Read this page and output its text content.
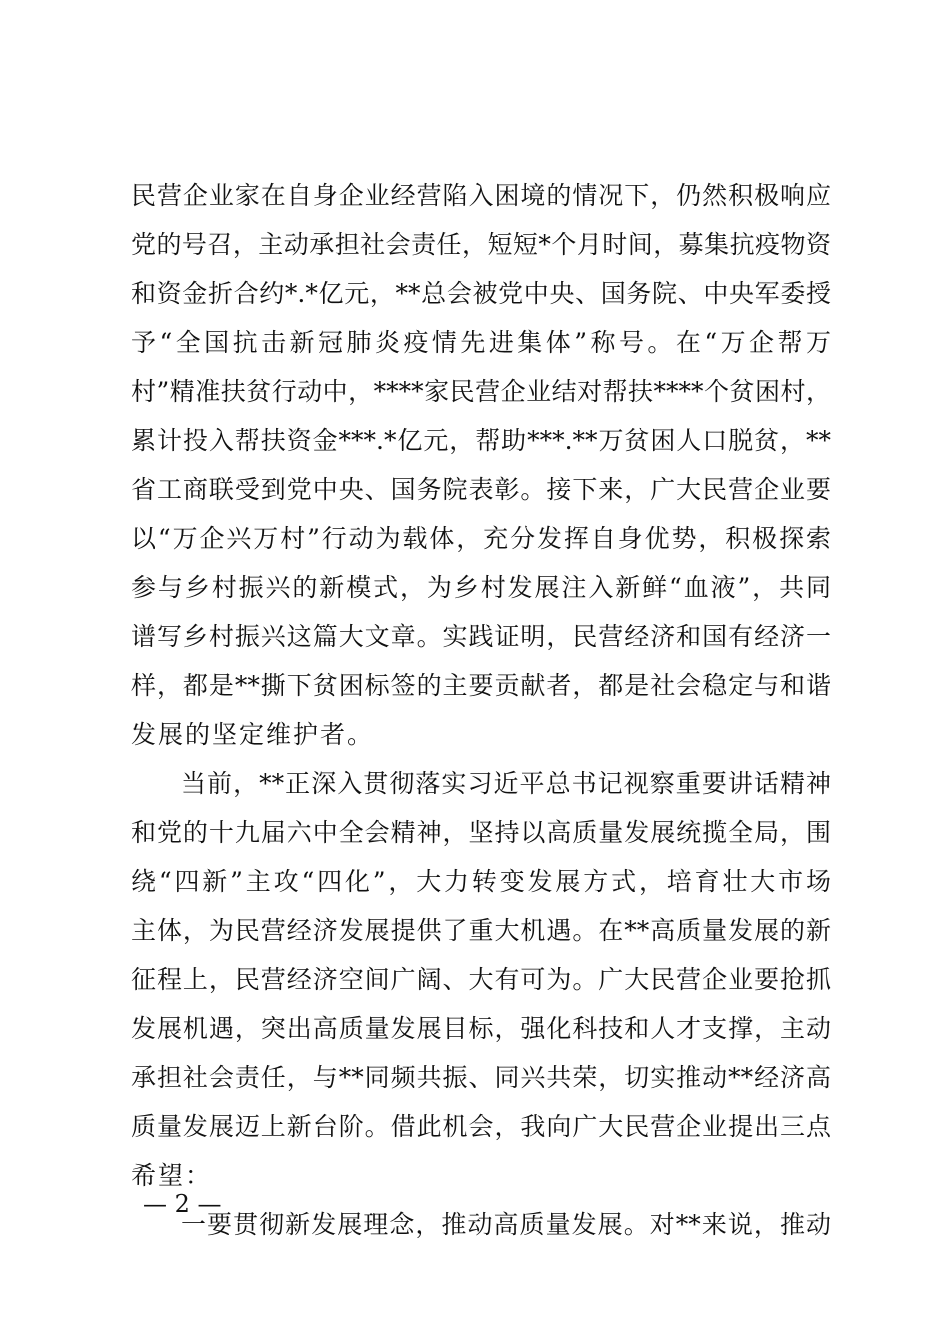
民营企业家在自身企业经营陷入困境的情况下，仍然积极响应
党的号召，主动承担社会责任，短短*个月时间，募集抗疫物资
和资金折合约*.*亿元，**总会被党中央、国务院、中央军委授
予“全国抗击新冠肺炎疫情先进集体”称号。在“万企帮万
村”精准扶贫行动中，****家民营企业结对帮扶****个贫困村，
累计投入帮扶资金***.*亿元，帮助***.**万贫困人口脱贫，**
省工商联受到党中央、国务院表彰。接下来，广大民营企业要
以“万企兴万村”行动为载体，充分发挥自身优势，积极探索
参与乡村振兴的新模式，为乡村发展注入新鲜“血液”，共同
谱写乡村振兴这篇大文章。实践证明，民营经济和国有经济一
样，都是**撕下贫困标签的主要贡献者，都是社会稳定与和谐
发展的坚定维护者。
当前，**正深入贯彻落实习近平总书记视察重要讲话精神
和党的十九届六中全会精神，坚持以高质量发展统揽全局，围
绕“四新”主攻“四化”，大力转变发展方式，培育壮大市场
主体，为民营经济发展提供了重大机遇。在**高质量发展的新
征程上，民营经济空间广阔、大有可为。广大民营企业要抢抓
发展机遇，突出高质量发展目标，强化科技和人才支撑，主动
承担社会责任，与**同频共振、同兴共荣，切实推动**经济高
质量发展迈上新台阶。借此机会，我向广大民营企业提出三点
希望：
一要贯彻新发展理念，推动高质量发展。对**来说，推动
— 2 —
